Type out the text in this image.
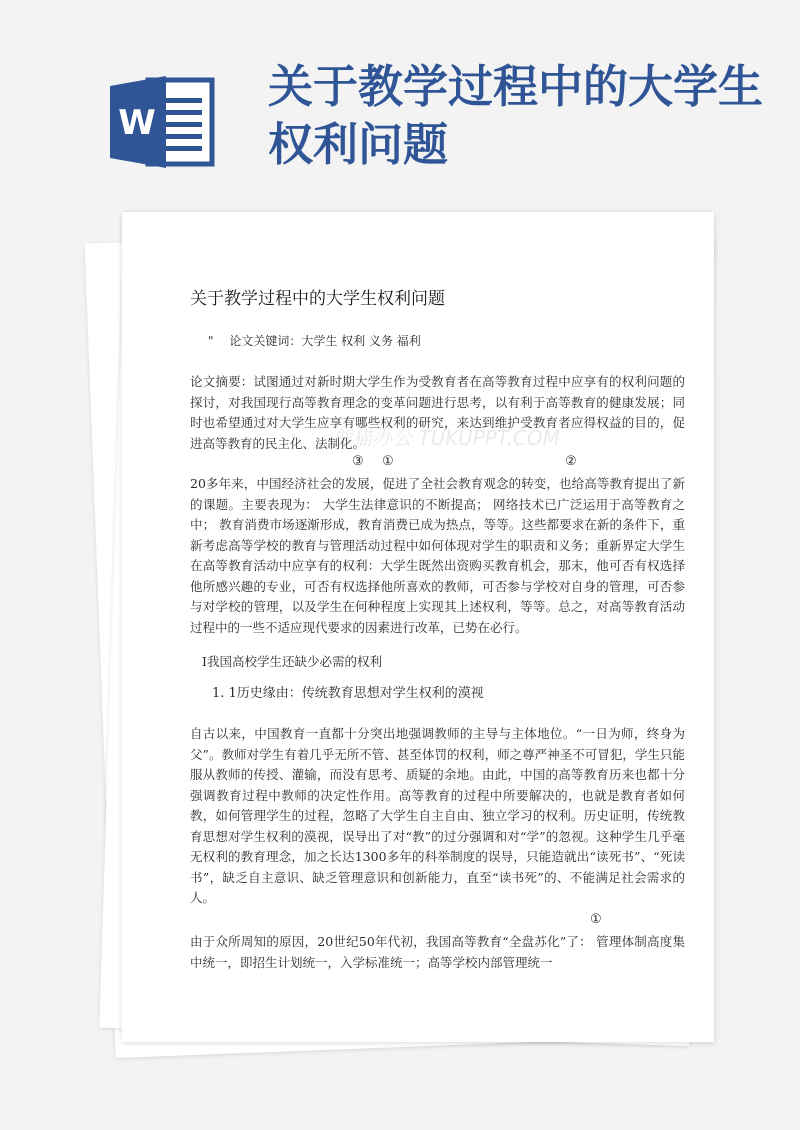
W
关于教学过程中的大学生权利问题
关于教学过程中的大学生权利问题
" 论文关键词：大学生 权利 义务 福利

论文摘要：试图通过对新时期大学生作为受教育者在高等教育过程中应享有的权利问题的探讨，对我国现行高等教育理念的变革问题进行思考，以有利于高等教育的健康发展；同时也希望通过对大学生应享有哪些权利的研究，来达到维护受教育者应得权益的目的，促进高等教育的民主化、法制化。

③ ①	②

20多年来，中国经济社会的发展，促进了全社会教育观念的转变，也给高等教育提出了新的课题。主要表现为： 大学生法律意识的不断提高； 网络技术已广泛运用于高等教育之中； 教育消费市场逐渐形成，教育消费已成为热点，等等。这些都要求在新的条件下，重新考虑高等学校的教育与管理活动过程中如何体现对学生的职责和义务；重新界定大学生在高等教育活动中应享有的权利：大学生既然出资购买教育机会，那末，他可否有权选择他所感兴趣的专业，可否有权选择他所喜欢的教师，可否参与学校对自身的管理，可否参与对学校的管理，以及学生在何种程度上实现其上述权利，等等。总之，对高等教育活动过程中的一些不适应现代要求的因素进行改革，已势在必行。

Ⅰ我国高校学生还缺少必需的权利
1. 1历史缘由：传统教育思想对学生权利的漠视

自古以来，中国教育一直都十分突出地强调教师的主导与主体地位。“一日为师，终身为父”。教师对学生有着几乎无所不管、甚至体罚的权利，师之尊严神圣不可冒犯，学生只能服从教师的传授、灌输，而没有思考、质疑的余地。由此，中国的高等教育历来也都十分强调教育过程中教师的决定性作用。高等教育的过程中所要解决的，也就是教育者如何教，如何管理学生的过程，忽略了大学生自主自由、独立学习的权利。历史证明，传统教育思想对学生权利的漠视，误导出了对“教”的过分强调和对“学”的忽视。这种学生几乎毫无权利的教育理念，加之长达1300多年的科举制度的误导，只能造就出“读死书”、“死读书”，缺乏自主意识、缺乏管理意识和创新能力，直至“读书死”的、不能满足社会需求的人。

①

由于众所周知的原因，20世纪50年代初，我国高等教育“全盘苏化”了： 管理体制高度集中统一，即招生计划统一，入学标准统一；高等学校内部管理统一

熊猫办公 TUKUPPT.COM
